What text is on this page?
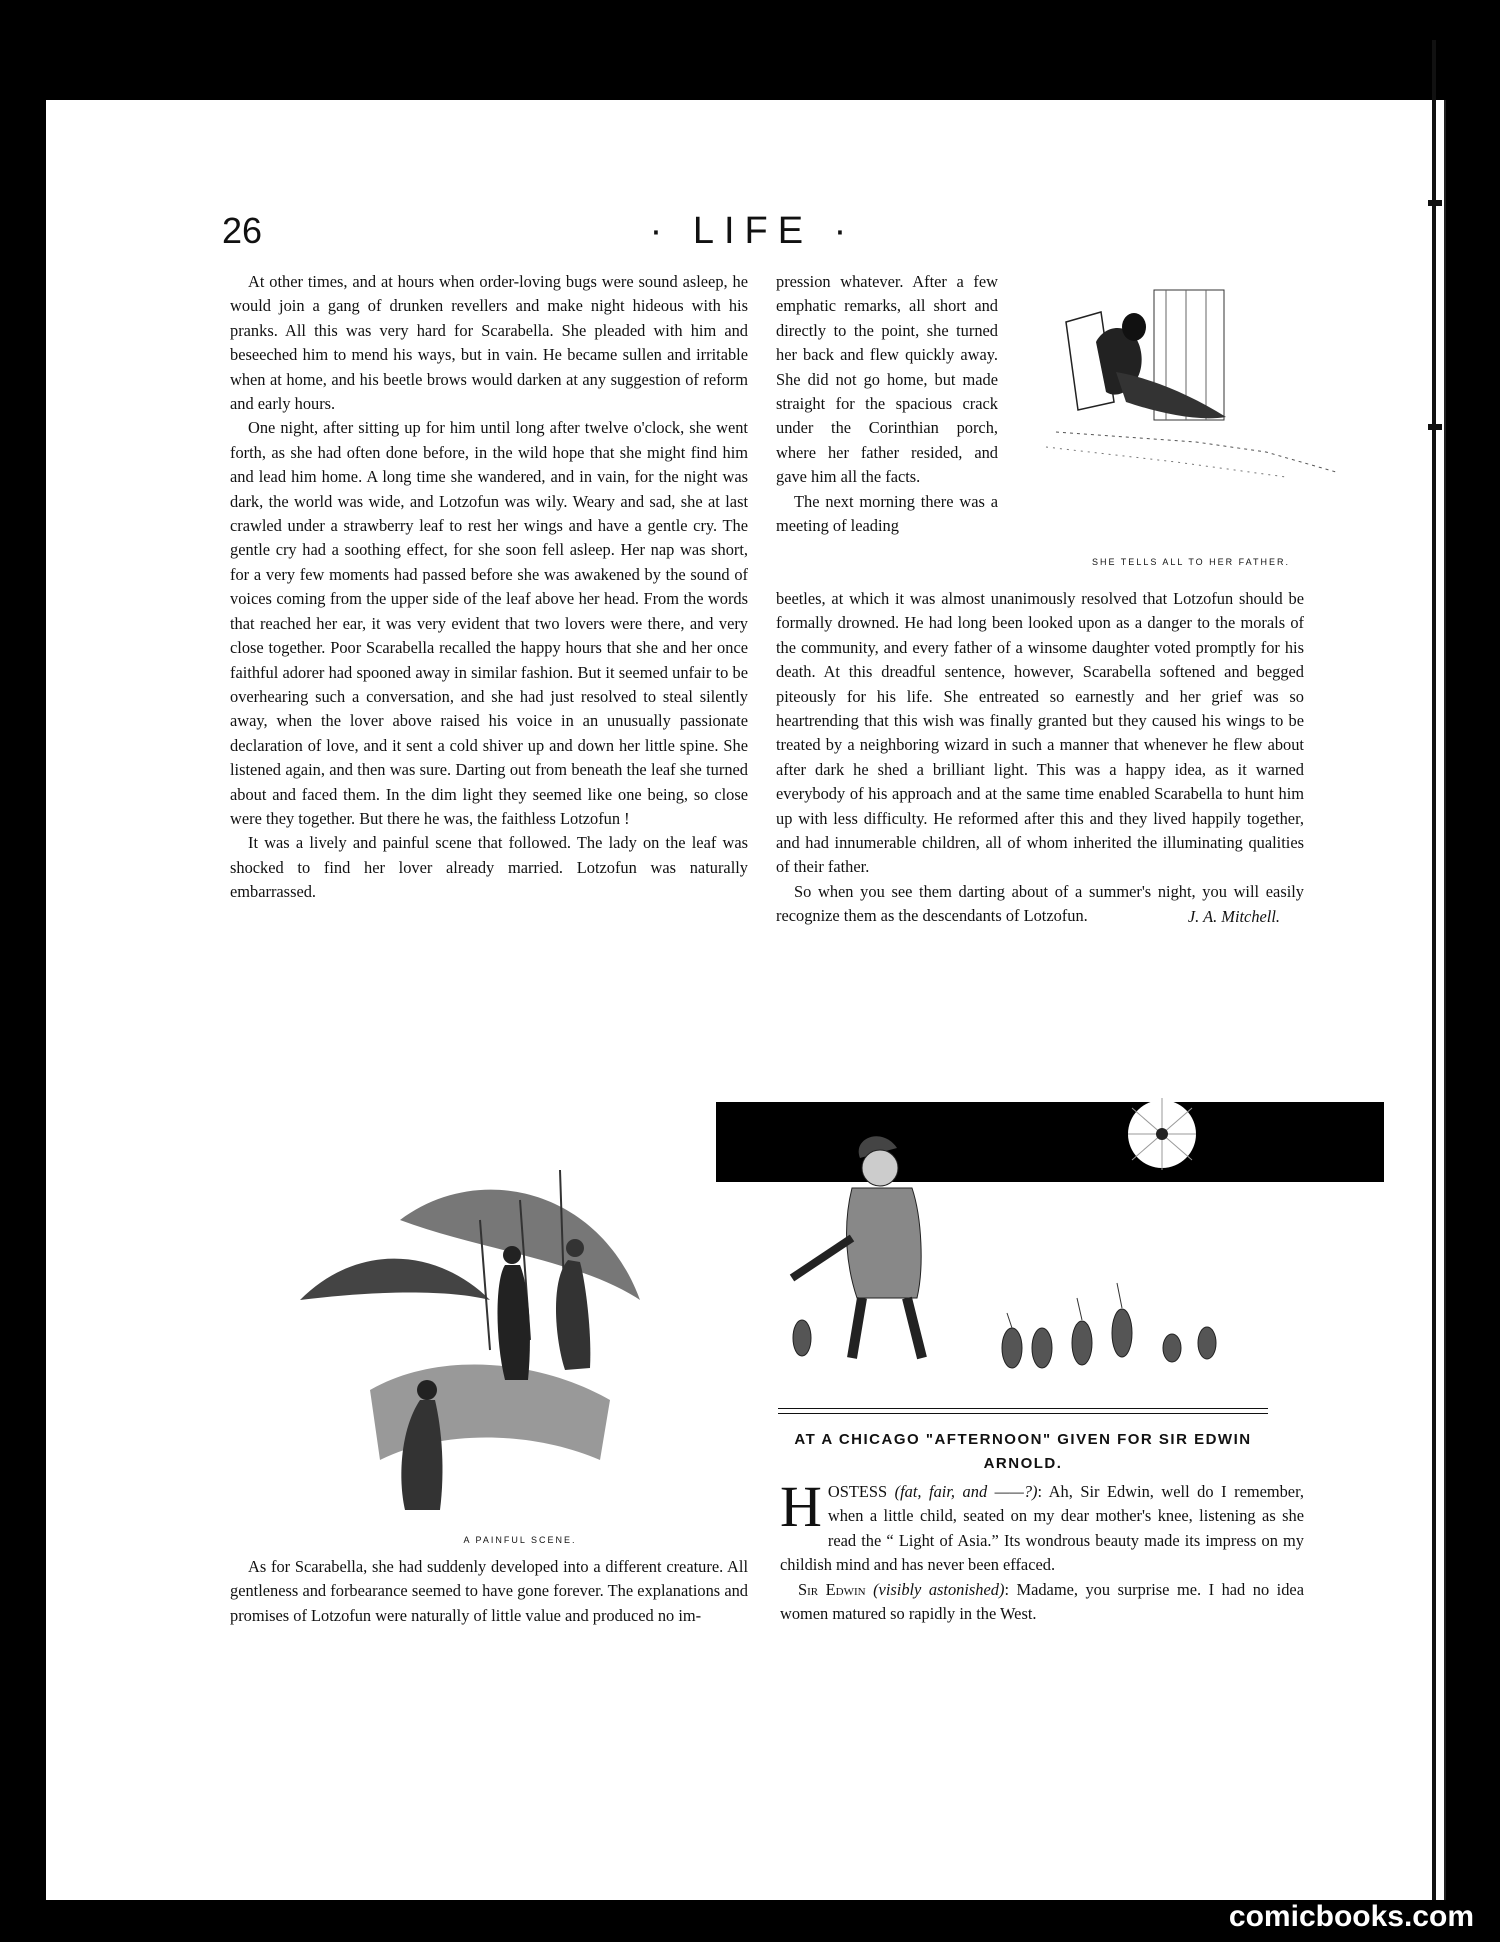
26	· LIFE ·

At other times, and at hours when order-loving bugs were sound asleep, he would join a gang of drunken revellers and make night hideous with his pranks. All this was very hard for Scarabella. She pleaded with him and beseeched him to mend his ways, but in vain. He became sullen and irritable when at home, and his beetle brows would darken at any suggestion of reform and early hours.

One night, after sitting up for him until long after twelve o'clock, she went forth, as she had often done before, in the wild hope that she might find him and lead him home. A long time she wandered, and in vain, for the night was dark, the world was wide, and Lotzofun was wily. Weary and sad, she at last crawled under a strawberry leaf to rest her wings and have a gentle cry. The gentle cry had a soothing effect, for she soon fell asleep. Her nap was short, for a very few moments had passed before she was awakened by the sound of voices coming from the upper side of the leaf above her head. From the words that reached her ear, it was very evident that two lovers were there, and very close together. Poor Scarabella recalled the happy hours that she and her once faithful adorer had spooned away in similar fashion. But it seemed unfair to be overhearing such a conversation, and she had just resolved to steal silently away, when the lover above raised his voice in an unusually passionate declaration of love, and it sent a cold shiver up and down her little spine. She listened again, and then was sure. Darting out from beneath the leaf she turned about and faced them. In the dim light they seemed like one being, so close were they together. But there he was, the faithless Lotzofun !

It was a lively and painful scene that followed. The lady on the leaf was shocked to find her lover already married. Lotzofun was naturally embarrassed.

pression whatever. After a few emphatic remarks, all short and directly to the point, she turned her back and flew quickly away. She did not go home, but made straight for the spacious crack under the Corinthian porch, where her father resided, and gave him all the facts.

The next morning there was a meeting of leading

SHE TELLS ALL TO HER FATHER.

beetles, at which it was almost unanimously resolved that Lotzofun should be formally drowned. He had long been looked upon as a danger to the morals of the community, and every father of a winsome daughter voted promptly for his death. At this dreadful sentence, however, Scarabella softened and begged piteously for his life. She entreated so earnestly and her grief was so heartrending that this wish was finally granted but they caused his wings to be treated by a neighboring wizard in such a manner that whenever he flew about after dark he shed a brilliant light. This was a happy idea, as it warned everybody of his approach and at the same time enabled Scarabella to hunt him up with less difficulty. He reformed after this and they lived happily together, and had innumerable children, all of whom inherited the illuminating qualities of their father.

So when you see them darting about of a summer's night, you will easily recognize them as the descendants of Lotzofun.	J. A. Mitchell.

A PAINFUL SCENE.

As for Scarabella, she had suddenly developed into a different creature. All gentleness and forbearance seemed to have gone forever. The explanations and promises of Lotzofun were naturally of little value and produced no im-

AT A CHICAGO "AFTERNOON" GIVEN FOR SIR EDWIN ARNOLD.

HOSTESS (fat, fair, and ——?): Ah, Sir Edwin, well do I remember, when a little child, seated on my dear mother's knee, listening as she read the “ Light of Asia.” Its wondrous beauty made its impress on my childish mind and has never been effaced.

Sir Edwin (visibly astonished): Madame, you surprise me. I had no idea women matured so rapidly in the West.

comicbooks.com
